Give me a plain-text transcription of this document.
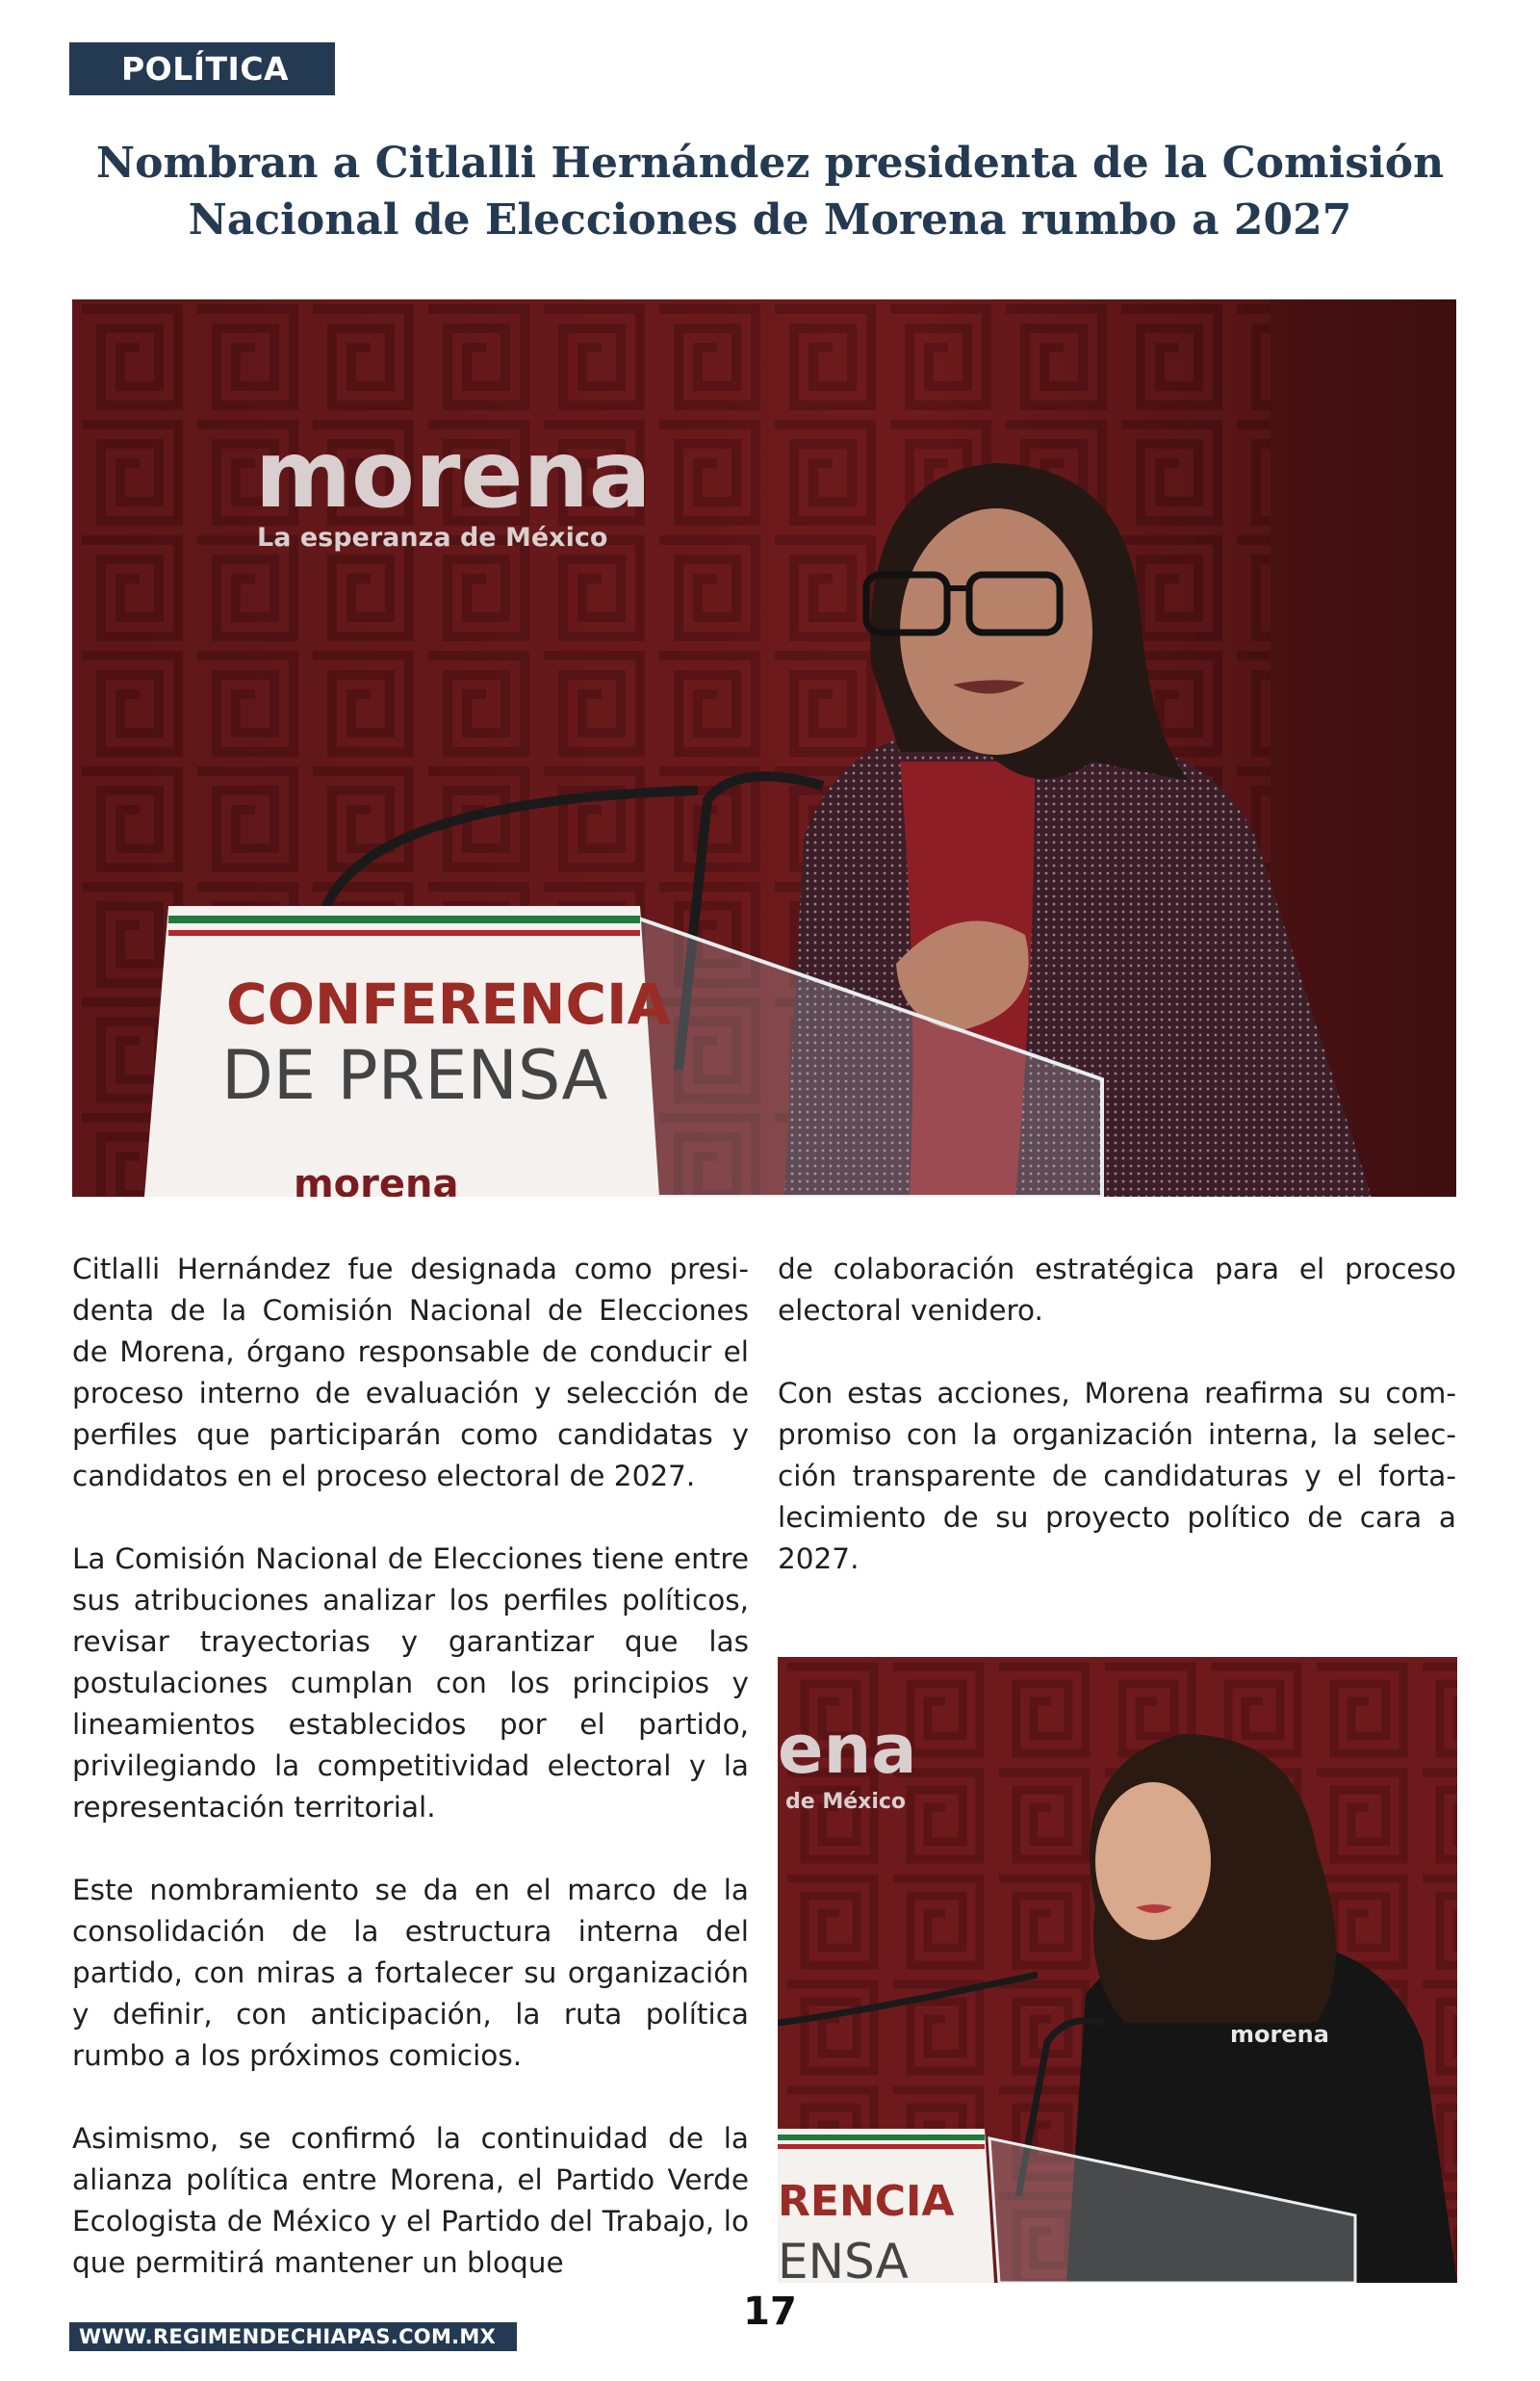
POLÍTICA
Nombran a Citlalli Hernández presidenta de la Comisión
Nacional de Elecciones de Morena rumbo a 2027
morena
La esperanza de México
CONFERENCIA
DE PRENSA
morena

Citlalli Hernández fue designada como presidenta de la Comisión Nacional de Elecciones de Morena, órgano responsable de conducir el proceso interno de evaluación y selección de perfiles que participarán como candidatas y candidatos en el proceso electoral de 2027.

La Comisión Nacional de Elecciones tiene entre sus atribuciones analizar los perfiles políticos, revisar trayectorias y garantizar que las postulaciones cumplan con los principios y lineamientos establecidos por el partido, privilegiando la competitividad electoral y la representación territorial.

Este nombramiento se da en el marco de la consolidación de la estructura interna del partido, con miras a fortalecer su organización y definir, con anticipación, la ruta política rumbo a los próximos comicios.

Asimismo, se confirmó la continuidad de la alianza política entre Morena, el Partido Verde Ecologista de México y el Partido del Trabajo, lo que permitirá mantener un bloque

de colaboración estratégica para el proceso electoral venidero.

Con estas acciones, Morena reafirma su compromiso con la organización interna, la selección transparente de candidaturas y el fortalecimiento de su proyecto político de cara a 2027.

ena
de México
morena
RENCIA
ENSA
17
WWW.REGIMENDECHIAPAS.COM.MX
